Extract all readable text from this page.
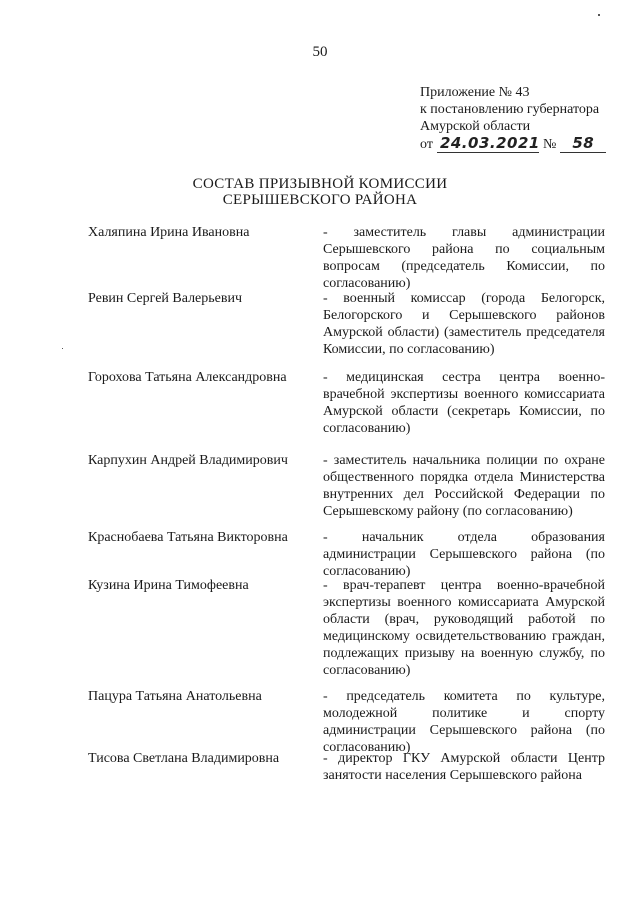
50
Приложение № 43
к постановлению губернатора
Амурской области
от 24.03.2021 №	58
СОСТАВ ПРИЗЫВНОЙ КОМИССИИ
СЕРЫШЕВСКОГО РАЙОНА
Халяпина Ирина Ивановна	- заместитель главы администрации Серышевского района по социальным вопросам (председатель Комиссии, по согласованию)
Ревин Сергей Валерьевич	- военный комиссар (города Белогорск, Белогорского и Серышевского районов Амурской области) (заместитель председателя Комиссии, по согласованию)
Горохова Татьяна Александровна	- медицинская сестра центра военно-врачебной экспертизы военного комиссариата Амурской области (секретарь Комиссии, по согласованию)
Карпухин Андрей Владимирович	- заместитель начальника полиции по охране общественного порядка отдела Министерства внутренних дел Российской Федерации по Серышевскому району (по согласованию)
Краснобаева Татьяна Викторовна	- начальник отдела образования администрации Серышевского района (по согласованию)
Кузина Ирина Тимофеевна	- врач-терапевт центра военно-врачебной экспертизы военного комиссариата Амурской области (врач, руководящий работой по медицинскому освидетельствованию граждан, подлежащих призыву на военную службу, по согласованию)
Пацура Татьяна Анатольевна	- председатель комитета по культуре, молодежной политике и спорту администрации Серышевского района (по согласованию)
Тисова Светлана Владимировна	- директор ГКУ Амурской области Центр занятости населения Серышевского района
